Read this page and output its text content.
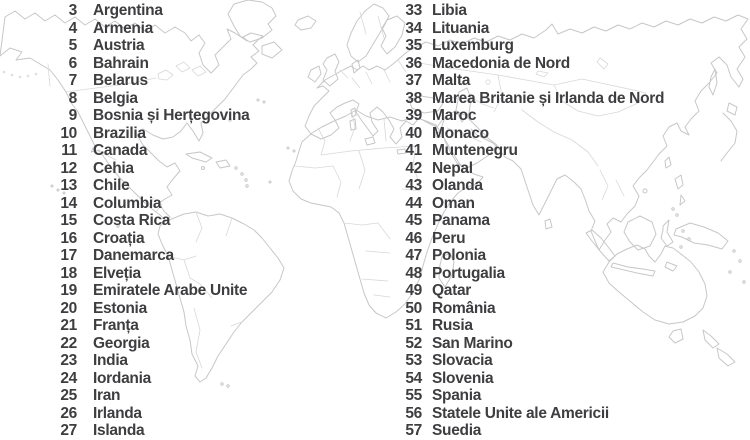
3 Argentina
4 Armenia
5 Austria
6 Bahrain
7 Belarus
8 Belgia
9 Bosnia și Herțegovina
10 Brazilia
11 Canada
12 Cehia
13 Chile
14 Columbia
15 Costa Rica
16 Croația
17 Danemarca
18 Elveția
19 Emiratele Arabe Unite
20 Estonia
21 Franța
22 Georgia
23 India
24 Iordania
25 Iran
26 Irlanda
27 Islanda
33 Libia
34 Lituania
35 Luxemburg
36 Macedonia de Nord
37 Malta
38 Marea Britanie și Irlanda de Nord
39 Maroc
40 Monaco
41 Muntenegru
42 Nepal
43 Olanda
44 Oman
45 Panama
46 Peru
47 Polonia
48 Portugalia
49 Qatar
50 România
51 Rusia
52 San Marino
53 Slovacia
54 Slovenia
55 Spania
56 Statele Unite ale Americii
57 Suedia
